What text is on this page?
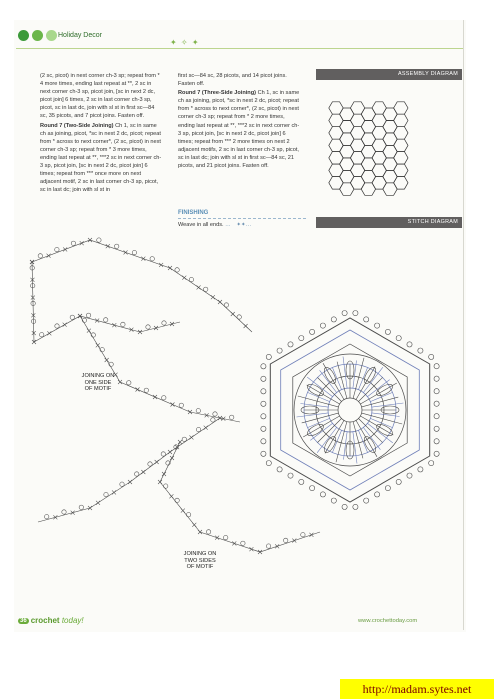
Holiday Decor
✦ ✧ ✦

(2 sc, picot) in next corner ch-3 sp; repeat from * 4 more times, ending last repeat at **, 2 sc in next corner ch-3 sp, picot join, [sc in next 2 dc, picot join] 6 times, 2 sc in last corner ch-3 sp, picot, sc in last dc, join with sl st in first sc—84 sc, 35 picots, and 7 picot joins. Fasten off.

Round 7 (Two-Side Joining) Ch 1, sc in same ch as joining, picot, *sc in next 2 dc, picot; repeat from * across to next corner*, (2 sc, picot) in next corner ch-3 sp; repeat from * 3 more times, ending last repeat at **, ***2 sc in next corner ch-3 sp, picot join, [sc in next 2 dc, picot join] 6 times; repeat from *** once more on next adjacent motif, 2 sc in last corner ch-3 sp, picot, sc in last dc; join with sl st in

first sc—84 sc, 28 picots, and 14 picot joins. Fasten off.

Round 7 (Three-Side Joining) Ch 1, sc in same ch as joining, picot, *sc in next 2 dc, picot; repeat from * across to next corner*, (2 sc, picot) in next corner ch-3 sp; repeat from * 2 more times, ending last repeat at **, ***2 sc in next corner ch-3 sp, picot join, [sc in next 2 dc, picot join] 6 times; repeat from *** 2 more times on next 2 adjacent motifs, 2 sc in last corner ch-3 sp, picot, sc in last dc; join with sl st in first sc—84 sc, 21 picots, and 21 picot joins. Fasten off.

ASSEMBLY DIAGRAM
FINISHING
Weave in all ends. … ✦✦…	STITCH DIAGRAM
JOINING ON
ONE SIDE
OF MOTIF
JOINING ON
TWO SIDES
OF MOTIF
36 crochet today!	www.crochettoday.com
http://madam.sytes.net
